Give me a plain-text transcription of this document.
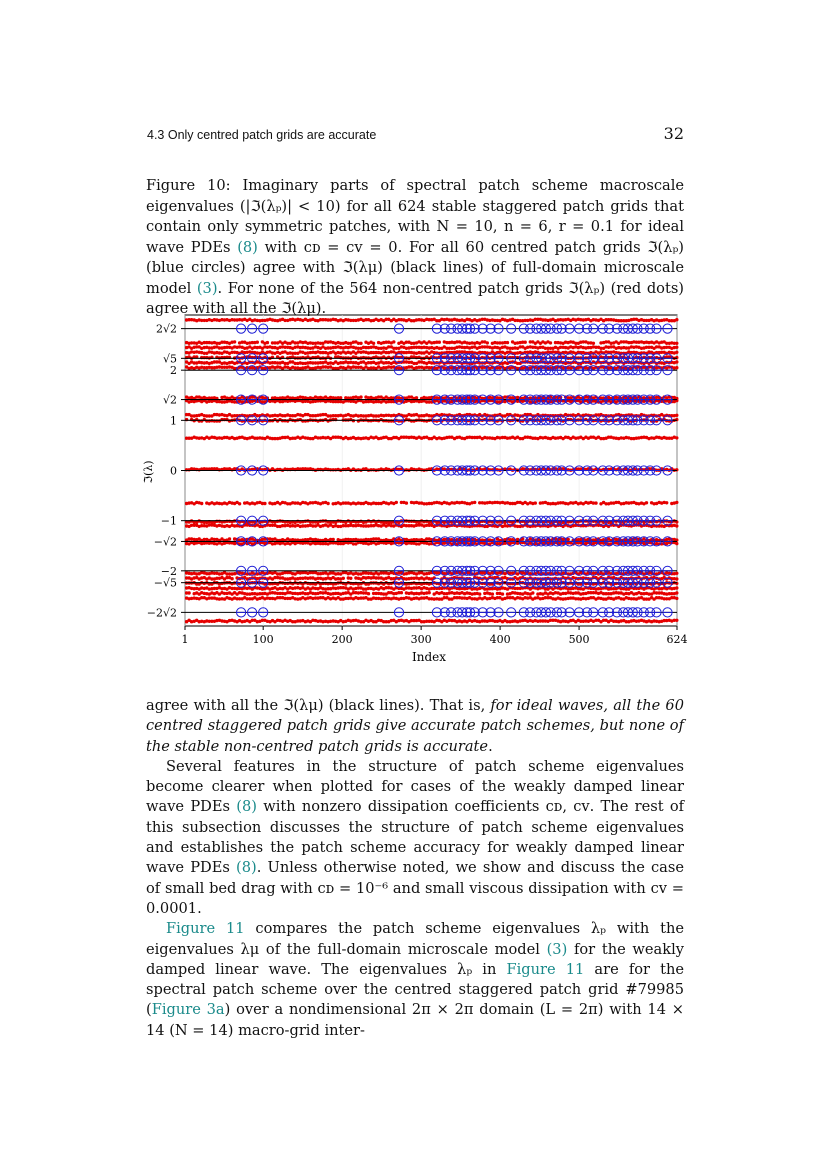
4.3 Only centred patch grids are accurate	32
Figure 10: Imaginary parts of spectral patch scheme macroscale eigenvalues (|ℑ(λₚ)| < 10) for all 624 stable staggered patch grids that contain only symmetric patches, with N = 10, n = 6, r = 0.1 for ideal wave PDEs (8) with cᴅ = cᴠ = 0. For all 60 centred patch grids ℑ(λₚ) (blue circles) agree with ℑ(λμ) (black lines) of full-domain microscale model (3). For none of the 564 non-centred patch grids ℑ(λₚ) (red dots) agree with all the ℑ(λμ).
ℑ(λ)
Index
2√2
√5
2
√2
1
0
−1
−√2
−2
−√5
−2√2
1	100	200	300	400	500	624

agree with all the ℑ(λμ) (black lines). That is, for ideal waves, all the 60 centred staggered patch grids give accurate patch schemes, but none of the stable non-centred patch grids is accurate.

Several features in the structure of patch scheme eigenvalues become clearer when plotted for cases of the weakly damped linear wave PDEs (8) with nonzero dissipation coefficients cᴅ, cᴠ. The rest of this subsection discusses the structure of patch scheme eigenvalues and establishes the patch scheme accuracy for weakly damped linear wave PDEs (8). Unless otherwise noted, we show and discuss the case of small bed drag with cᴅ = 10⁻⁶ and small viscous dissipation with cᴠ = 0.0001.

Figure 11 compares the patch scheme eigenvalues λₚ with the eigenvalues λμ of the full-domain microscale model (3) for the weakly damped linear wave. The eigenvalues λₚ in Figure 11 are for the spectral patch scheme over the centred staggered patch grid #79985 (Figure 3a) over a nondimensional 2π × 2π domain (L = 2π) with 14 × 14 (N = 14) macro-grid inter-
